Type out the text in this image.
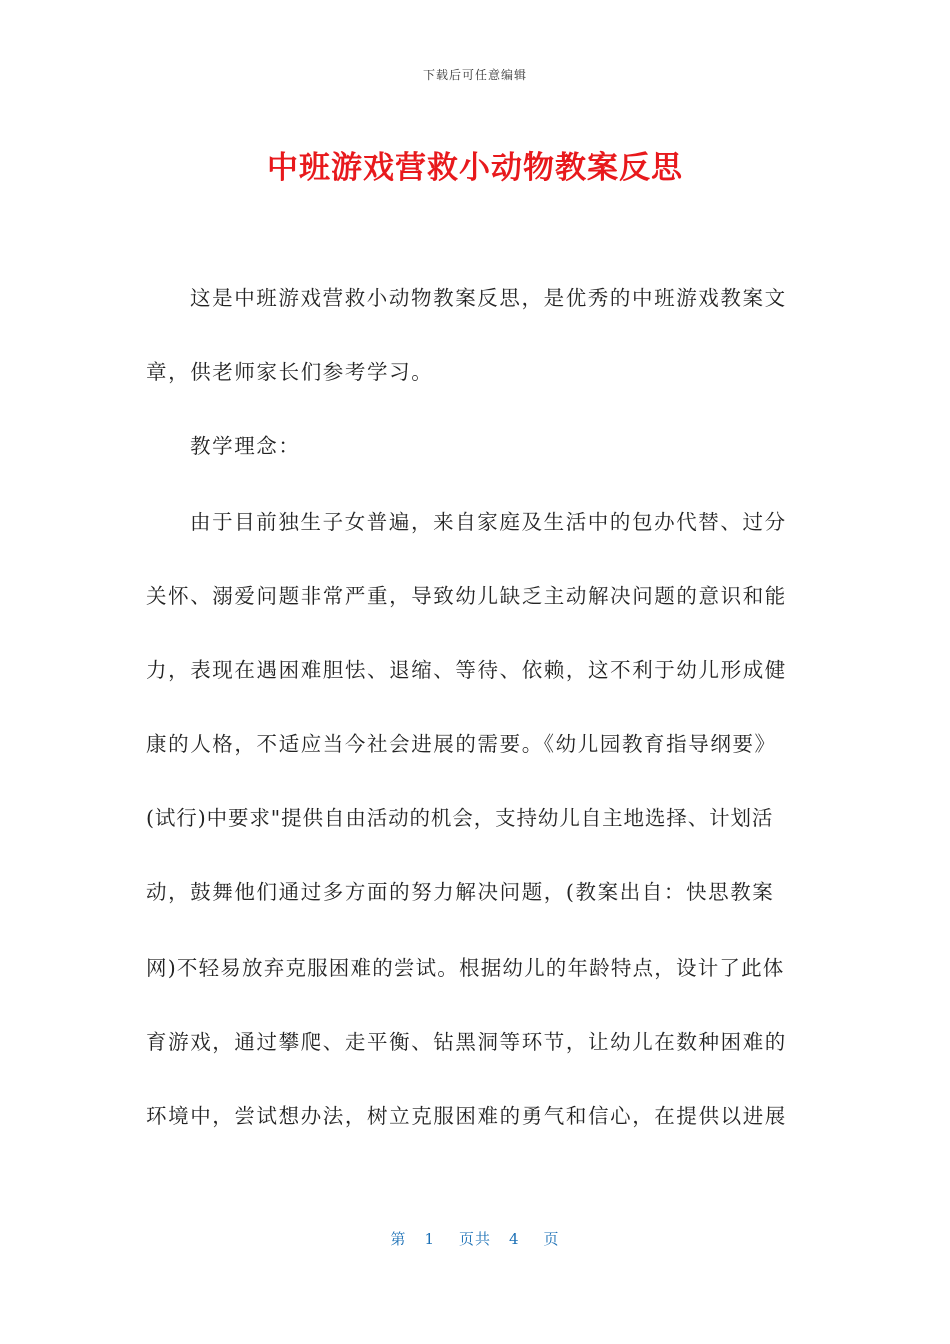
下载后可任意编辑
中班游戏营救小动物教案反思
这是中班游戏营救小动物教案反思，是优秀的中班游戏教案文
章，供老师家长们参考学习。
教学理念：
由于目前独生子女普遍，来自家庭及生活中的包办代替、过分
关怀、溺爱问题非常严重，导致幼儿缺乏主动解决问题的意识和能
力，表现在遇困难胆怯、退缩、等待、依赖，这不利于幼儿形成健
康的人格，不适应当今社会进展的需要。《幼儿园教育指导纲要》
(试行)中要求"提供自由活动的机会，支持幼儿自主地选择、计划活
动，鼓舞他们通过多方面的努力解决问题，(教案出自：快思教案
网)不轻易放弃克服困难的尝试。根据幼儿的年龄特点，设计了此体
育游戏，通过攀爬、走平衡、钻黑洞等环节，让幼儿在数种困难的
环境中，尝试想办法，树立克服困难的勇气和信心，在提供以进展
第 1 页共 4 页
